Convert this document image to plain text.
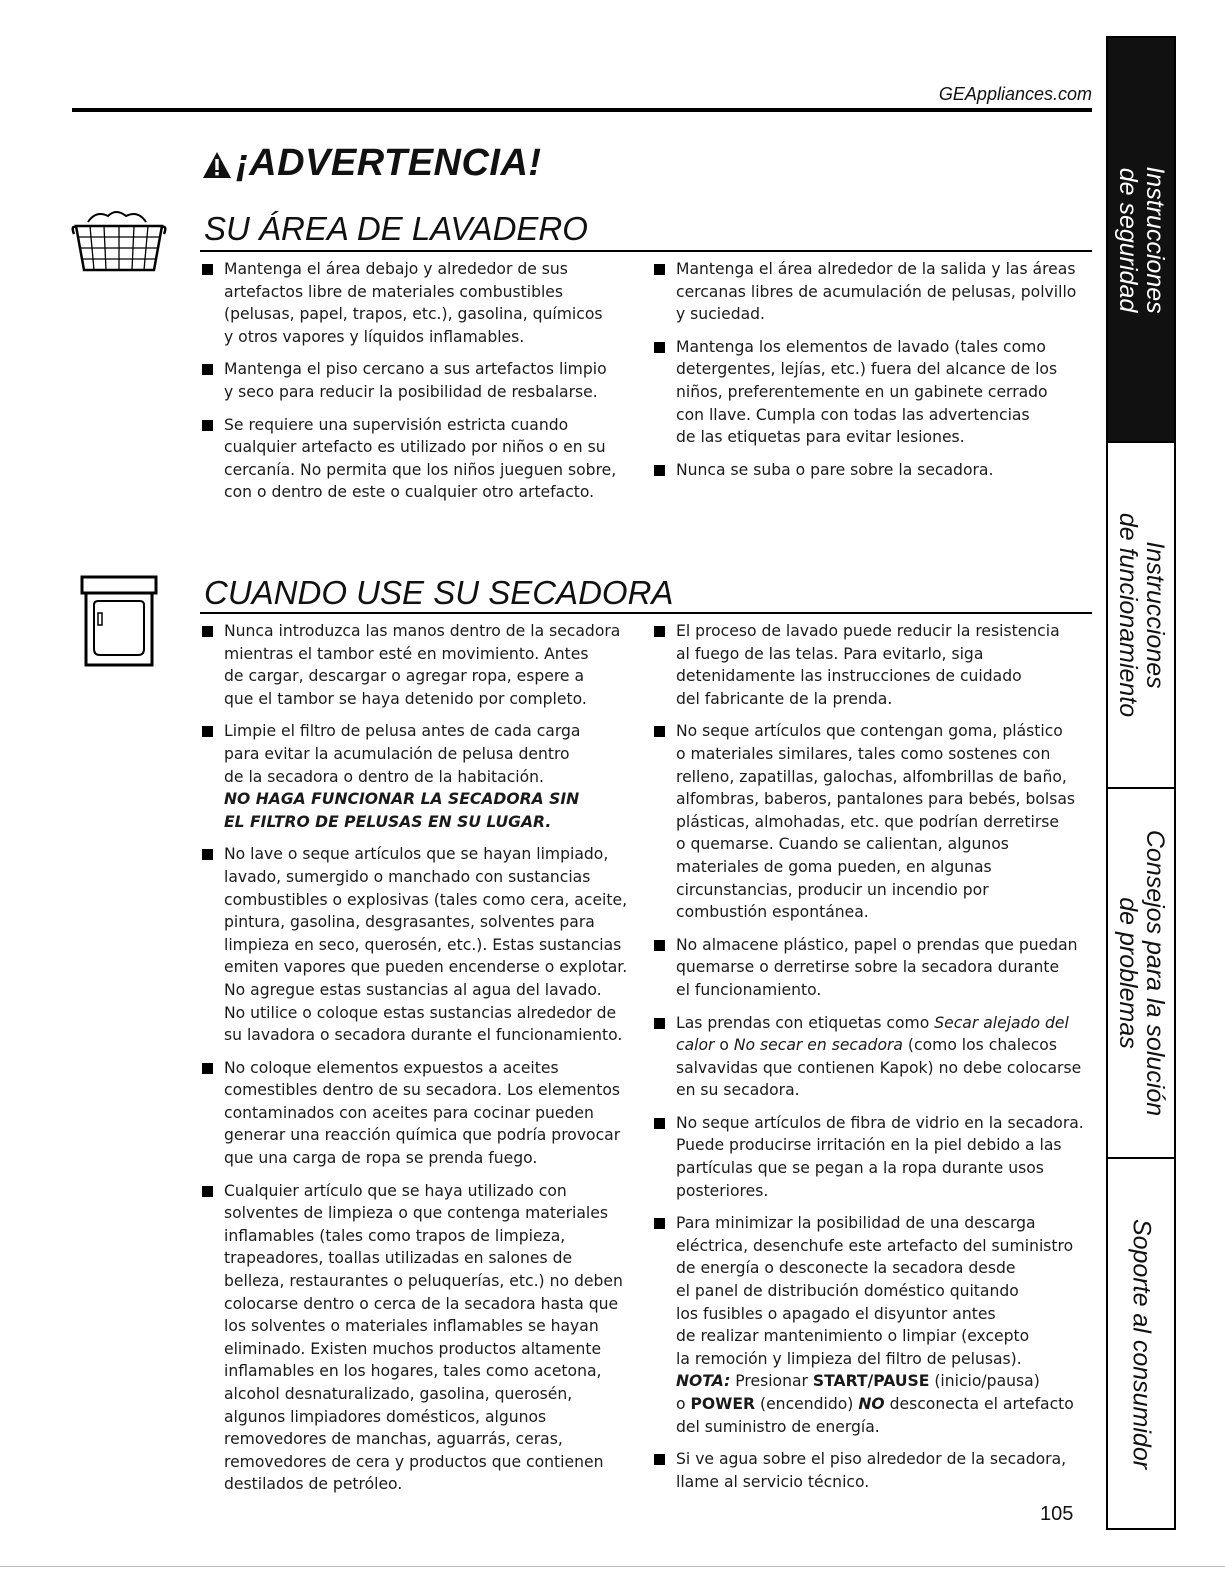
GEAppliances.com
¡ADVERTENCIA!
SU ÁREA DE LAVADERO
Mantenga el área debajo y alrededor de sus
artefactos libre de materiales combustibles
(pelusas, papel, trapos, etc.), gasolina, químicos
y otros vapores y líquidos inflamables.
Mantenga el piso cercano a sus artefactos limpio
y seco para reducir la posibilidad de resbalarse.
Se requiere una supervisión estricta cuando
cualquier artefacto es utilizado por niños o en su
cercanía. No permita que los niños jueguen sobre,
con o dentro de este o cualquier otro artefacto.
Mantenga el área alrededor de la salida y las áreas
cercanas libres de acumulación de pelusas, polvillo
y suciedad.
Mantenga los elementos de lavado (tales como
detergentes, lejías, etc.) fuera del alcance de los
niños, preferentemente en un gabinete cerrado
con llave. Cumpla con todas las advertencias
de las etiquetas para evitar lesiones.
Nunca se suba o pare sobre la secadora.
CUANDO USE SU SECADORA
Nunca introduzca las manos dentro de la secadora
mientras el tambor esté en movimiento. Antes
de cargar, descargar o agregar ropa, espere a
que el tambor se haya detenido por completo.
Limpie el filtro de pelusa antes de cada carga
para evitar la acumulación de pelusa dentro
de la secadora o dentro de la habitación.
NO HAGA FUNCIONAR LA SECADORA SIN
EL FILTRO DE PELUSAS EN SU LUGAR.
No lave o seque artículos que se hayan limpiado,
lavado, sumergido o manchado con sustancias
combustibles o explosivas (tales como cera, aceite,
pintura, gasolina, desgrasantes, solventes para
limpieza en seco, querosén, etc.). Estas sustancias
emiten vapores que pueden encenderse o explotar.
No agregue estas sustancias al agua del lavado.
No utilice o coloque estas sustancias alrededor de
su lavadora o secadora durante el funcionamiento.
No coloque elementos expuestos a aceites
comestibles dentro de su secadora. Los elementos
contaminados con aceites para cocinar pueden
generar una reacción química que podría provocar
que una carga de ropa se prenda fuego.
Cualquier artículo que se haya utilizado con
solventes de limpieza o que contenga materiales
inflamables (tales como trapos de limpieza,
trapeadores, toallas utilizadas en salones de
belleza, restaurantes o peluquerías, etc.) no deben
colocarse dentro o cerca de la secadora hasta que
los solventes o materiales inflamables se hayan
eliminado. Existen muchos productos altamente
inflamables en los hogares, tales como acetona,
alcohol desnaturalizado, gasolina, querosén,
algunos limpiadores domésticos, algunos
removedores de manchas, aguarrás, ceras,
removedores de cera y productos que contienen
destilados de petróleo.
El proceso de lavado puede reducir la resistencia
al fuego de las telas. Para evitarlo, siga
detenidamente las instrucciones de cuidado
del fabricante de la prenda.
No seque artículos que contengan goma, plástico
o materiales similares, tales como sostenes con
relleno, zapatillas, galochas, alfombrillas de baño,
alfombras, baberos, pantalones para bebés, bolsas
plásticas, almohadas, etc. que podrían derretirse
o quemarse. Cuando se calientan, algunos
materiales de goma pueden, en algunas
circunstancias, producir un incendio por
combustión espontánea.
No almacene plástico, papel o prendas que puedan
quemarse o derretirse sobre la secadora durante
el funcionamiento.
Las prendas con etiquetas como Secar alejado del
calor o No secar en secadora (como los chalecos
salvavidas que contienen Kapok) no debe colocarse
en su secadora.
No seque artículos de fibra de vidrio en la secadora.
Puede producirse irritación en la piel debido a las
partículas que se pegan a la ropa durante usos
posteriores.
Para minimizar la posibilidad de una descarga
eléctrica, desenchufe este artefacto del suministro
de energía o desconecte la secadora desde
el panel de distribución doméstico quitando
los fusibles o apagado el disyuntor antes
de realizar mantenimiento o limpiar (excepto
la remoción y limpieza del filtro de pelusas).
NOTA: Presionar START/PAUSE (inicio/pausa)
o POWER (encendido) NO desconecta el artefacto
del suministro de energía.
Si ve agua sobre el piso alrededor de la secadora,
llame al servicio técnico.
Instrucciones
de seguridad
Instrucciones
de funcionamiento
Consejos para la solución
de problemas
Soporte al consumidor
105
